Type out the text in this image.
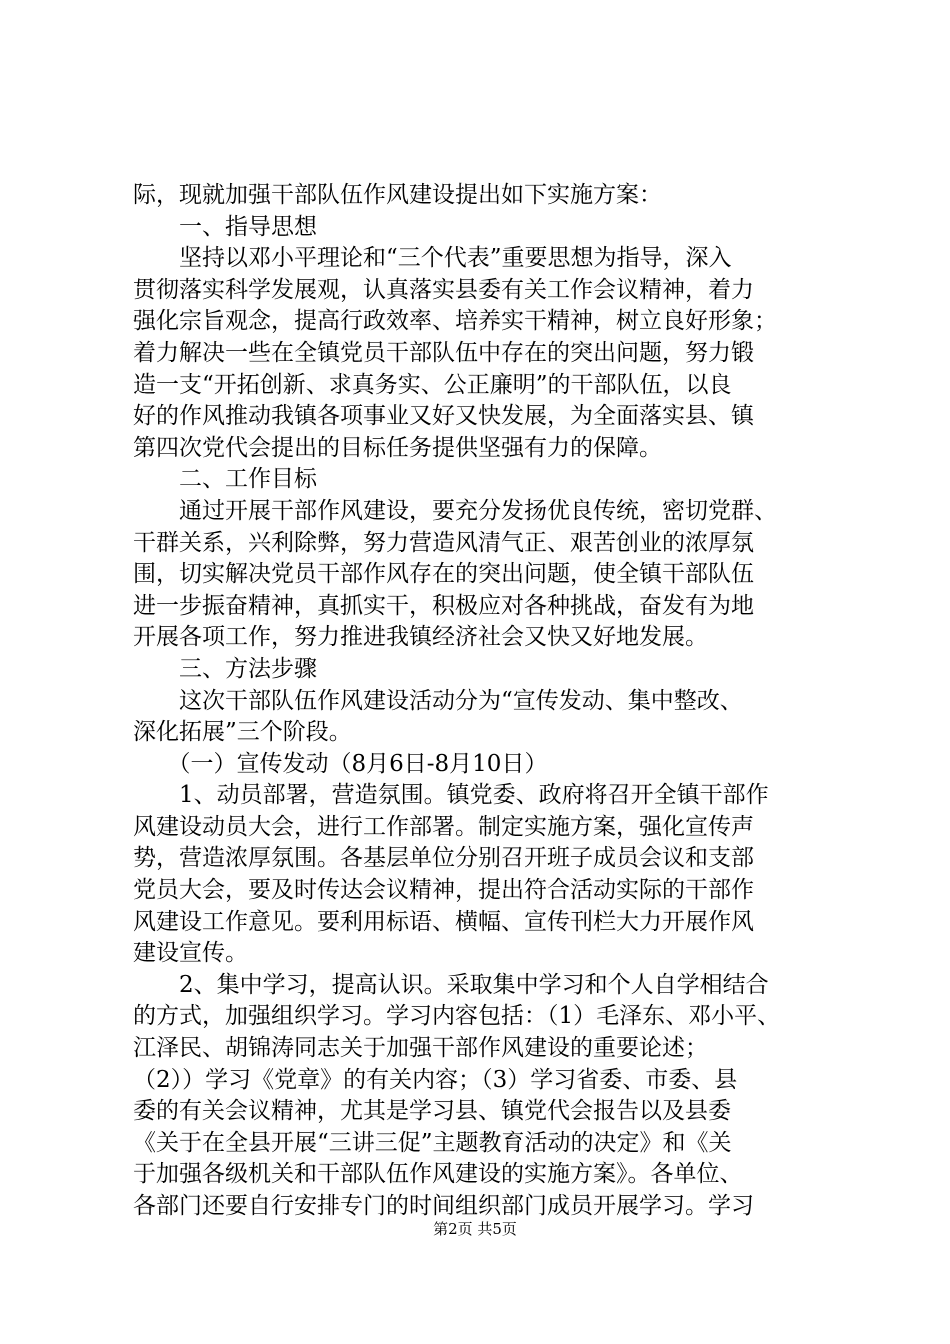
际，现就加强干部队伍作风建设提出如下实施方案：
　　一、指导思想
　　坚持以邓小平理论和“三个代表”重要思想为指导，深入
贯彻落实科学发展观，认真落实县委有关工作会议精神，着力
强化宗旨观念，提高行政效率、培养实干精神，树立良好形象；
着力解决一些在全镇党员干部队伍中存在的突出问题，努力锻
造一支“开拓创新、求真务实、公正廉明”的干部队伍，以良
好的作风推动我镇各项事业又好又快发展，为全面落实县、镇
第四次党代会提出的目标任务提供坚强有力的保障。
　　二、工作目标
　　通过开展干部作风建设，要充分发扬优良传统，密切党群、
干群关系，兴利除弊，努力营造风清气正、艰苦创业的浓厚氛
围，切实解决党员干部作风存在的突出问题，使全镇干部队伍
进一步振奋精神，真抓实干，积极应对各种挑战，奋发有为地
开展各项工作，努力推进我镇经济社会又快又好地发展。
　　三、方法步骤
　　这次干部队伍作风建设活动分为“宣传发动、集中整改、
深化拓展”三个阶段。
　　（一）宣传发动（8月6日-8月10日）
　　1、动员部署，营造氛围。镇党委、政府将召开全镇干部作
风建设动员大会，进行工作部署。制定实施方案，强化宣传声
势，营造浓厚氛围。各基层单位分别召开班子成员会议和支部
党员大会，要及时传达会议精神，提出符合活动实际的干部作
风建设工作意见。要利用标语、横幅、宣传刊栏大力开展作风
建设宣传。
　　2、集中学习，提高认识。采取集中学习和个人自学相结合
的方式，加强组织学习。学习内容包括：（1）毛泽东、邓小平、
江泽民、胡锦涛同志关于加强干部作风建设的重要论述；
（2））学习《党章》的有关内容；（3）学习省委、市委、县
委的有关会议精神，尤其是学习县、镇党代会报告以及县委
《关于在全县开展“三讲三促”主题教育活动的决定》和《关
于加强各级机关和干部队伍作风建设的实施方案》。各单位、
各部门还要自行安排专门的时间组织部门成员开展学习。学习
第2页 共5页
